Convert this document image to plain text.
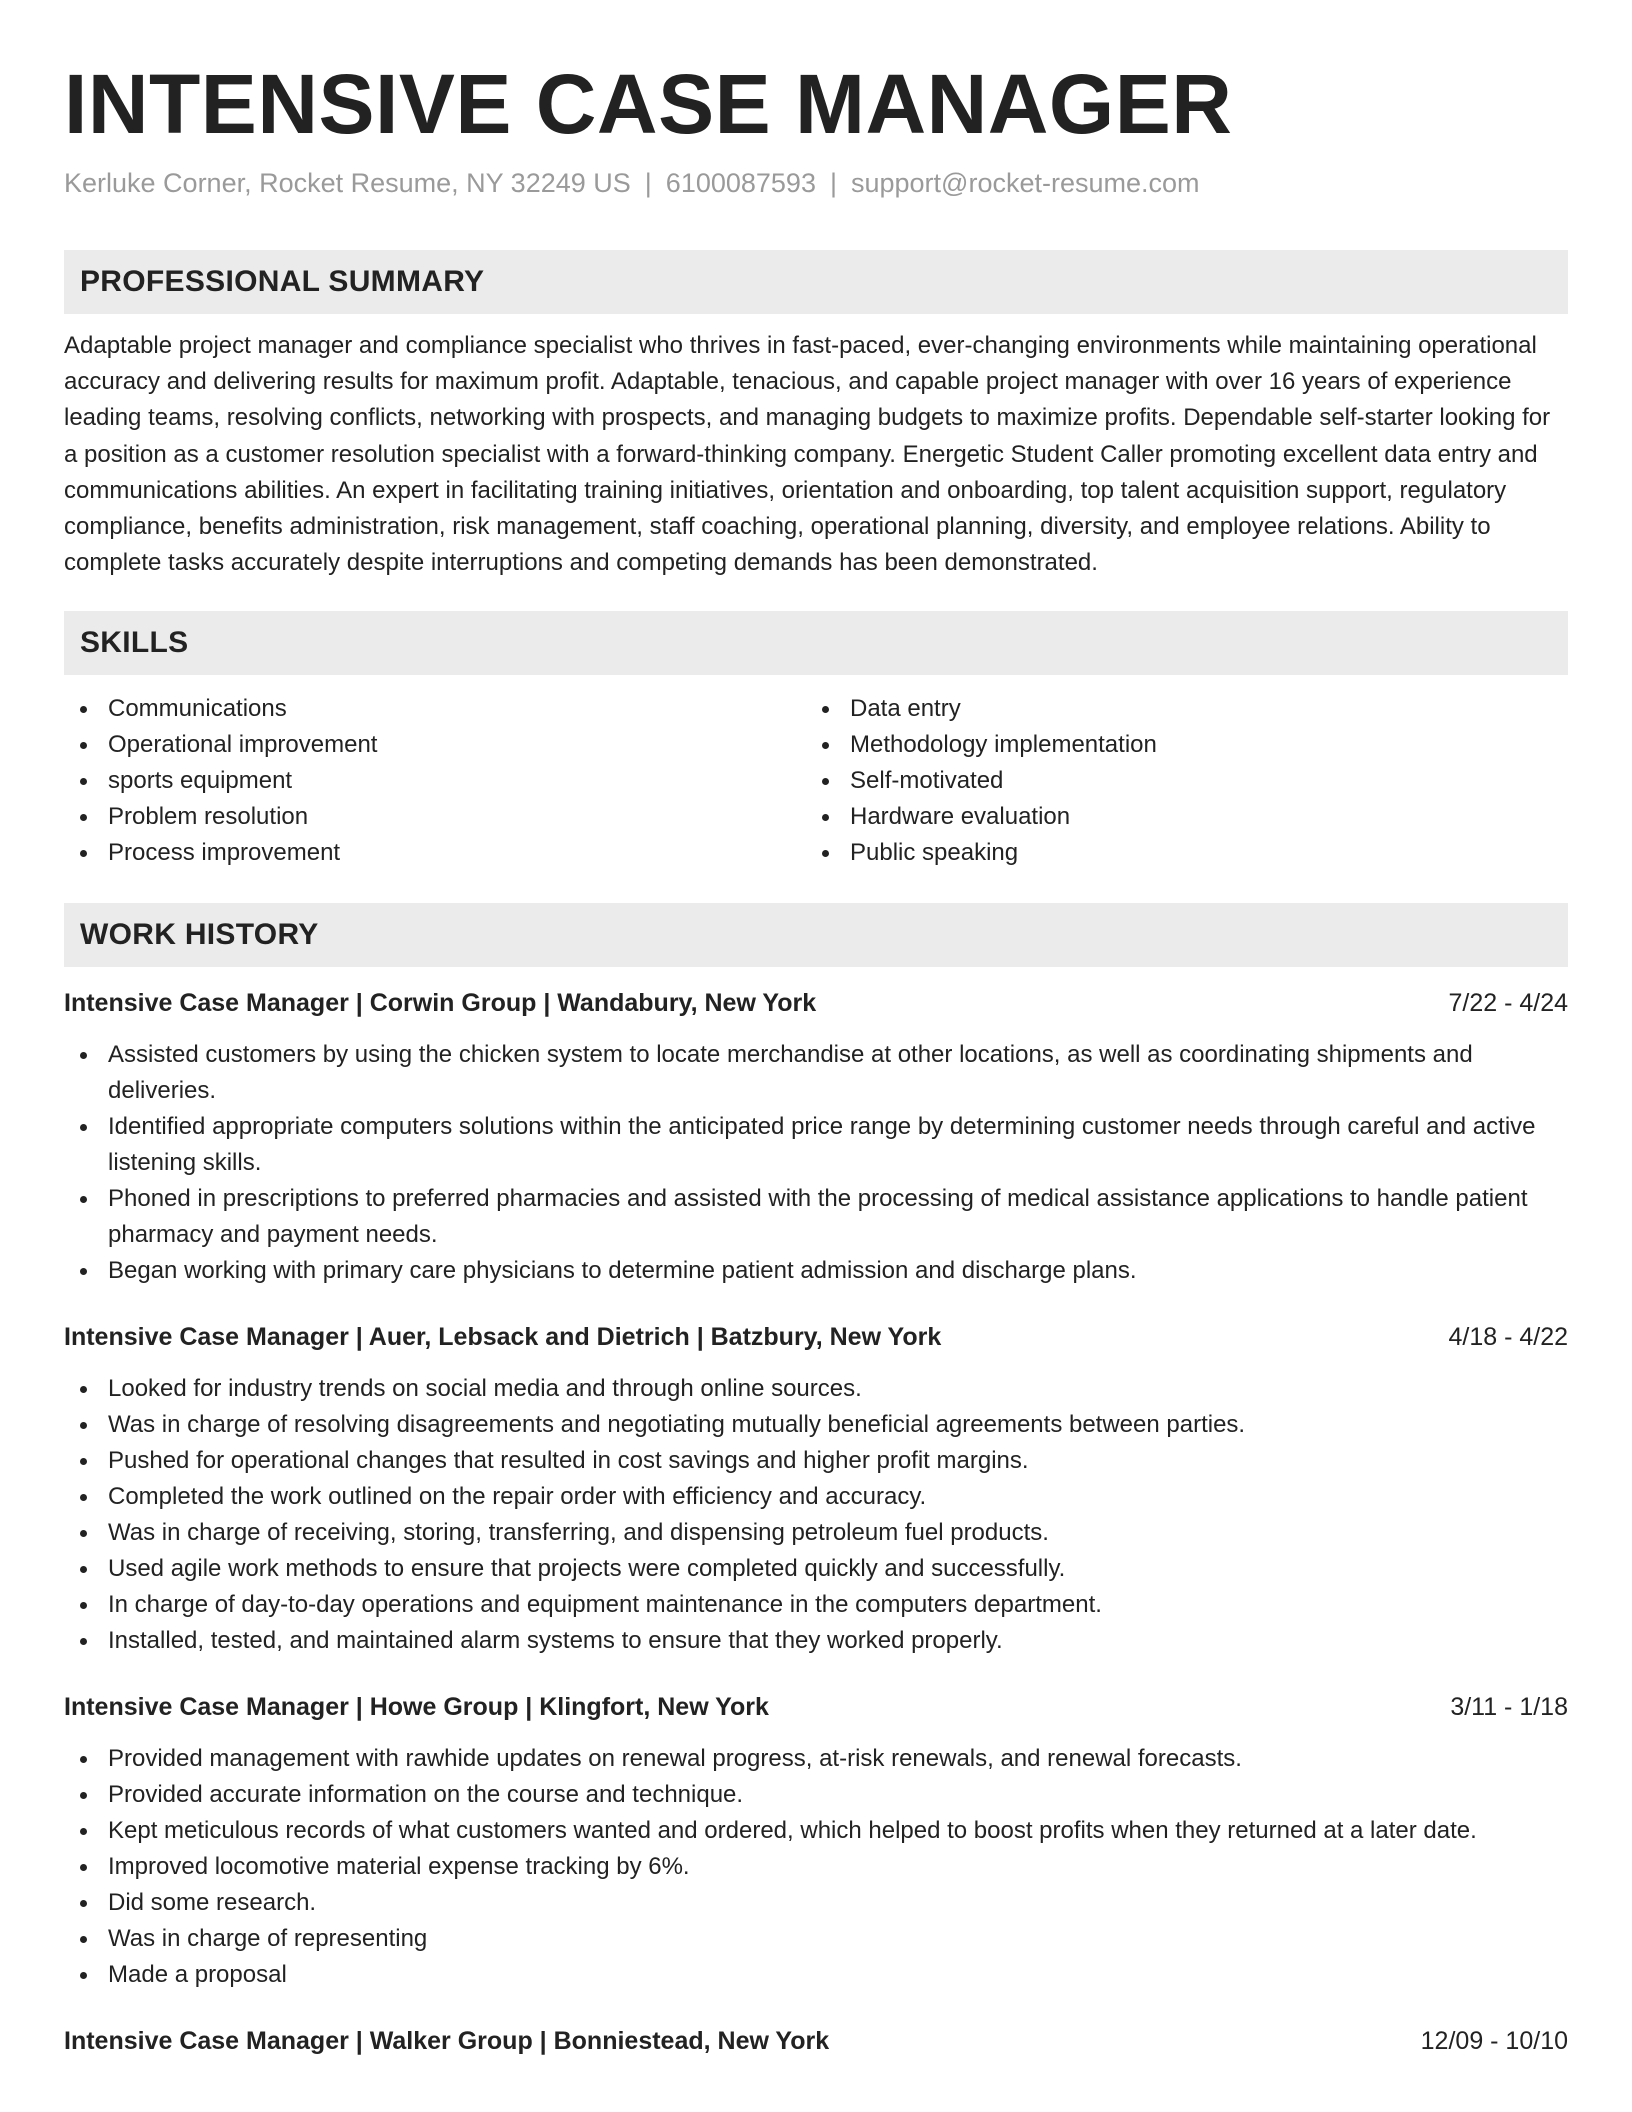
INTENSIVE CASE MANAGER
Kerluke Corner, Rocket Resume, NY 32249 US | 6100087593 | support@rocket-resume.com
PROFESSIONAL SUMMARY
Adaptable project manager and compliance specialist who thrives in fast-paced, ever-changing environments while maintaining operational accuracy and delivering results for maximum profit. Adaptable, tenacious, and capable project manager with over 16 years of experience leading teams, resolving conflicts, networking with prospects, and managing budgets to maximize profits. Dependable self-starter looking for a position as a customer resolution specialist with a forward-thinking company. Energetic Student Caller promoting excellent data entry and communications abilities. An expert in facilitating training initiatives, orientation and onboarding, top talent acquisition support, regulatory compliance, benefits administration, risk management, staff coaching, operational planning, diversity, and employee relations. Ability to complete tasks accurately despite interruptions and competing demands has been demonstrated.
SKILLS
Communications
Operational improvement
sports equipment
Problem resolution
Process improvement
Data entry
Methodology implementation
Self-motivated
Hardware evaluation
Public speaking
WORK HISTORY
Intensive Case Manager | Corwin Group | Wandabury, New York	7/22 - 4/24
Assisted customers by using the chicken system to locate merchandise at other locations, as well as coordinating shipments and deliveries.
Identified appropriate computers solutions within the anticipated price range by determining customer needs through careful and active listening skills.
Phoned in prescriptions to preferred pharmacies and assisted with the processing of medical assistance applications to handle patient pharmacy and payment needs.
Began working with primary care physicians to determine patient admission and discharge plans.
Intensive Case Manager | Auer, Lebsack and Dietrich | Batzbury, New York	4/18 - 4/22
Looked for industry trends on social media and through online sources.
Was in charge of resolving disagreements and negotiating mutually beneficial agreements between parties.
Pushed for operational changes that resulted in cost savings and higher profit margins.
Completed the work outlined on the repair order with efficiency and accuracy.
Was in charge of receiving, storing, transferring, and dispensing petroleum fuel products.
Used agile work methods to ensure that projects were completed quickly and successfully.
In charge of day-to-day operations and equipment maintenance in the computers department.
Installed, tested, and maintained alarm systems to ensure that they worked properly.
Intensive Case Manager | Howe Group | Klingfort, New York	3/11 - 1/18
Provided management with rawhide updates on renewal progress, at-risk renewals, and renewal forecasts.
Provided accurate information on the course and technique.
Kept meticulous records of what customers wanted and ordered, which helped to boost profits when they returned at a later date.
Improved locomotive material expense tracking by 6%.
Did some research.
Was in charge of representing
Made a proposal
Intensive Case Manager | Walker Group | Bonniestead, New York	12/09 - 10/10
